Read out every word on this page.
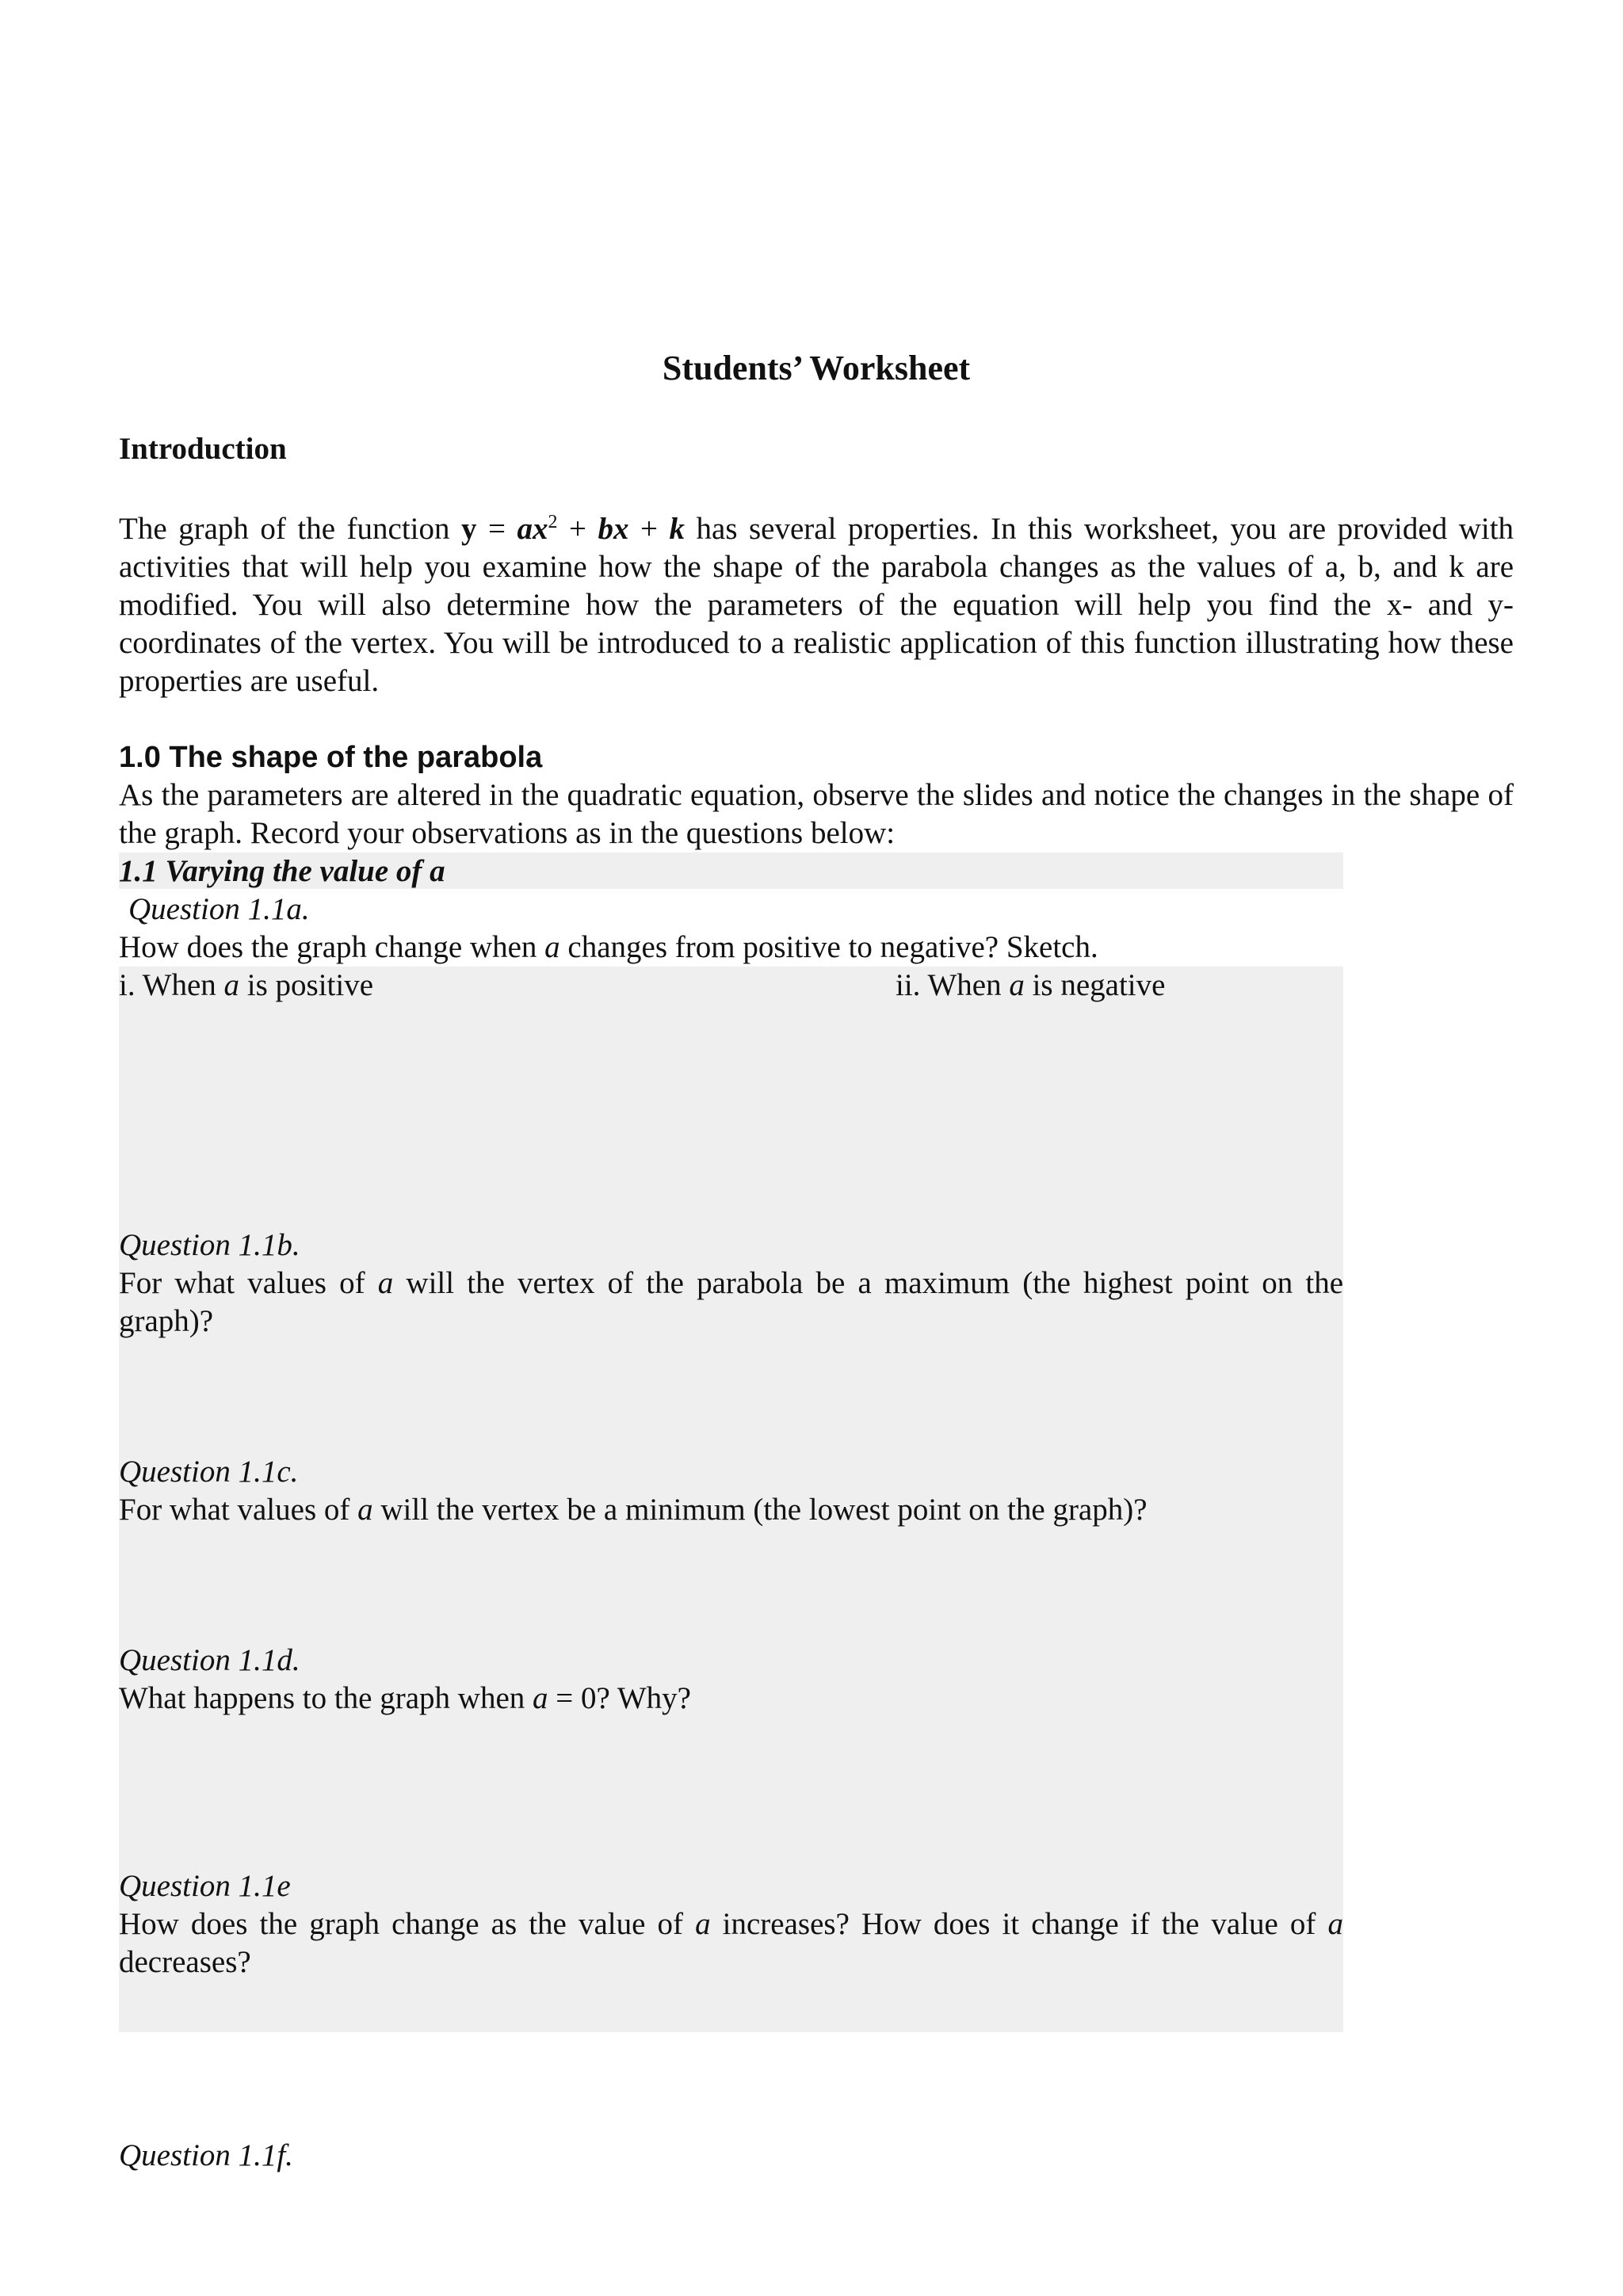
Students’ Worksheet
Introduction
The graph of the function $y = ax^2$ + bx + k has several properties. In this worksheet, you are provided with activities that will help you examine how the shape of the parabola changes as the values of a, b, and k are modified. You will also determine how the parameters of the equation will help you find the x- and y-coordinates of the vertex. You will be introduced to a realistic application of this function illustrating how these properties are useful.
1.0 The shape of the parabola
As the parameters are altered in the quadratic equation, observe the slides and notice the changes in the shape of the graph. Record your observations as in the questions below:
1.1 Varying the value of a
Question 1.1a.
How does the graph change when a changes from positive to negative? Sketch.
i. When a is positive	ii. When a is negative
Question 1.1b.
For what values of a will the vertex of the parabola be a maximum (the highest point on the graph)?
Question 1.1c.
For what values of a will the vertex be a minimum (the lowest point on the graph)?
Question 1.1d.
What happens to the graph when a = 0? Why?
Question 1.1e
How does the graph change as the value of a increases? How does it change if the value of a decreases?
Question 1.1f.
